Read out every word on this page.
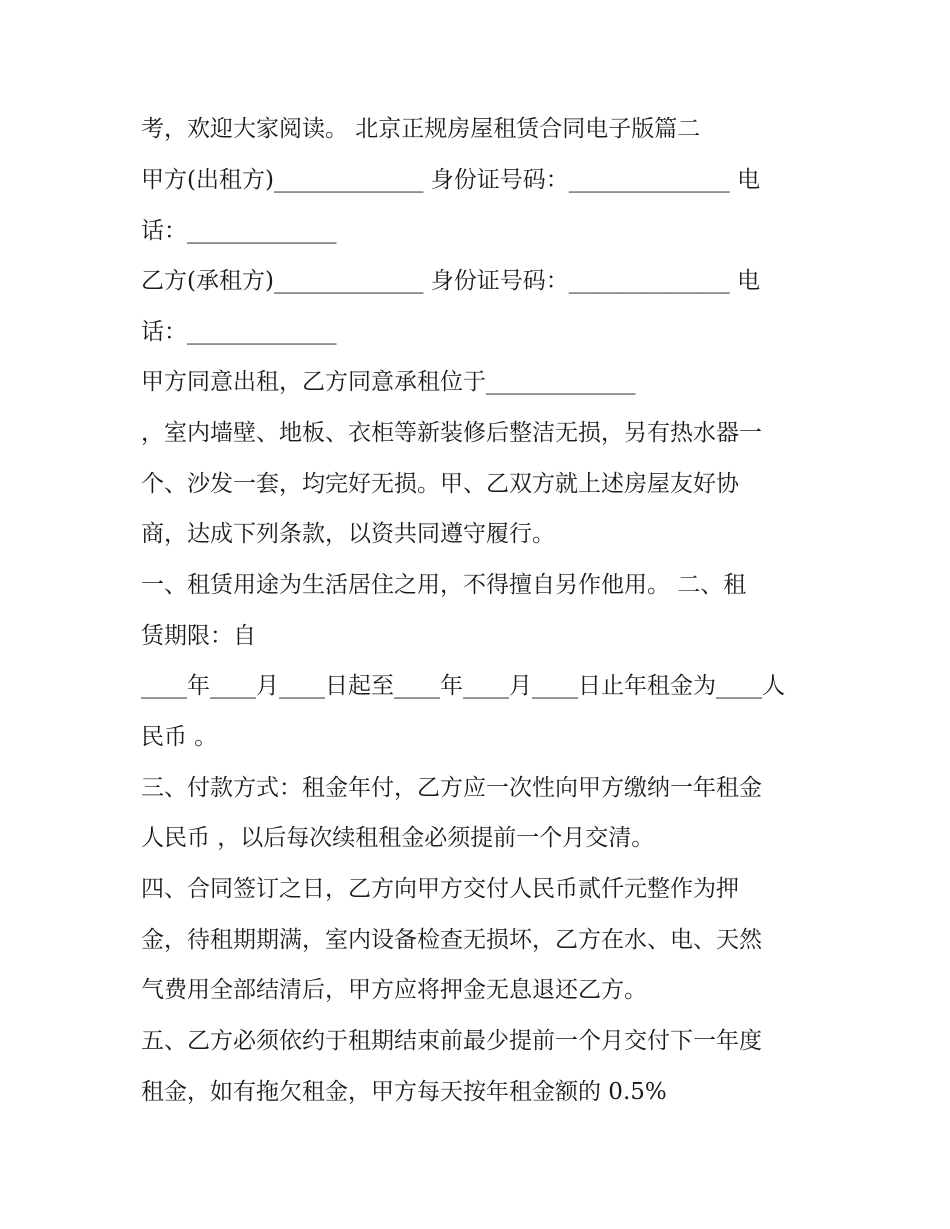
考，欢迎大家阅读。 北京正规房屋租赁合同电子版篇二
甲方(出租方)_____________ 身份证号码：______________ 电
话：_____________
乙方(承租方)_____________ 身份证号码：______________ 电
话：_____________
甲方同意出租，乙方同意承租位于_____________
，室内墙壁、地板、衣柜等新装修后整洁无损，另有热水器一
个、沙发一套，均完好无损。甲、乙双方就上述房屋友好协
商，达成下列条款，以资共同遵守履行。
一、租赁用途为生活居住之用，不得擅自另作他用。 二、租
赁期限：自
____年____月____日起至____年____月____日止年租金为____人
民币 。
三、付款方式：租金年付，乙方应一次性向甲方缴纳一年租金
人民币 ，以后每次续租租金必须提前一个月交清。
四、合同签订之日，乙方向甲方交付人民币贰仟元整作为押
金，待租期期满，室内设备检查无损坏，乙方在水、电、天然
气费用全部结清后，甲方应将押金无息退还乙方。
五、乙方必须依约于租期结束前最少提前一个月交付下一年度
租金，如有拖欠租金，甲方每天按年租金额的 0.5%
